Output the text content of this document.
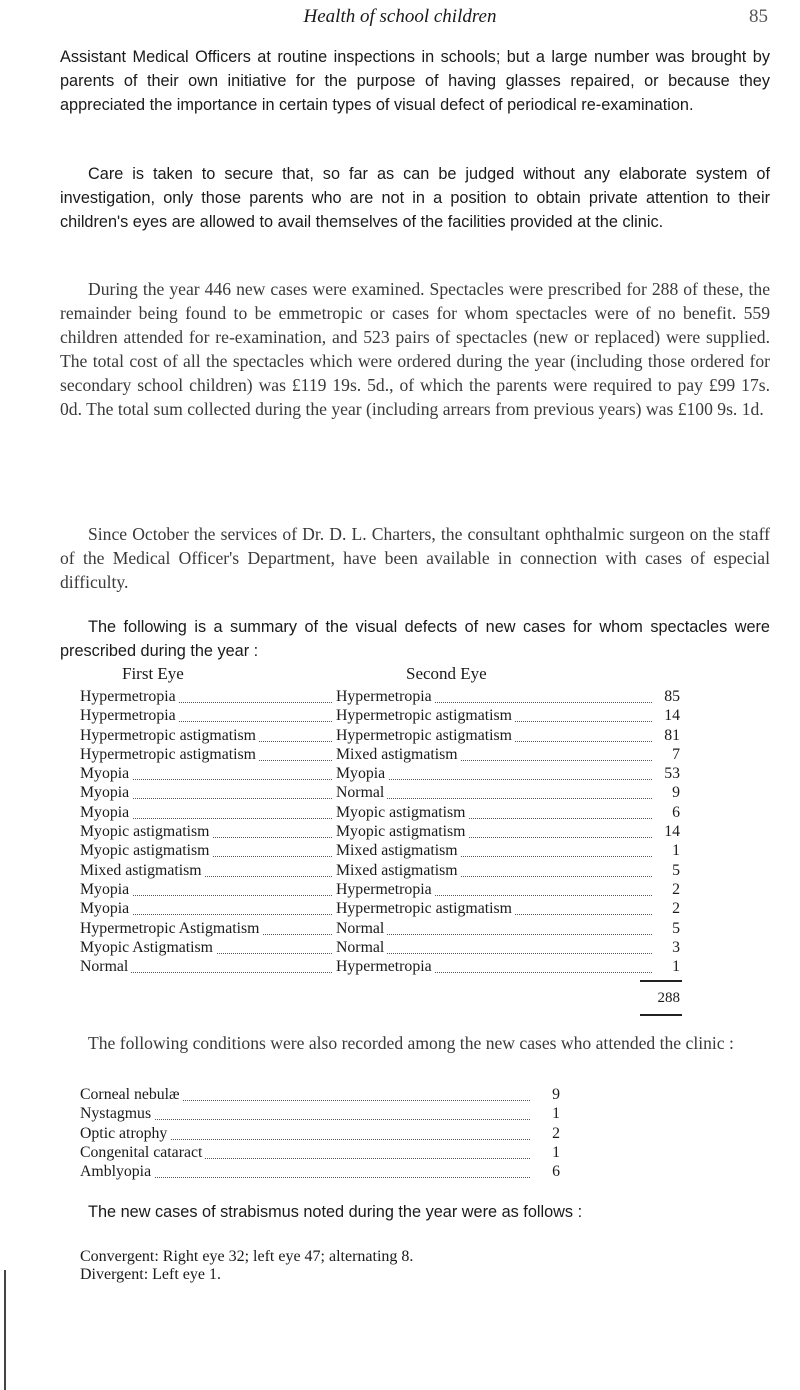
Health of school children	85

Assistant Medical Officers at routine inspections in schools; but a large number was brought by parents of their own initiative for the purpose of having glasses repaired, or because they appreciated the importance in certain types of visual defect of periodical re-examination.

Care is taken to secure that, so far as can be judged without any elaborate system of investigation, only those parents who are not in a position to obtain private attention to their children's eyes are allowed to avail themselves of the facilities provided at the clinic.

During the year 446 new cases were examined. Spectacles were prescribed for 288 of these, the remainder being found to be emmetropic or cases for whom spectacles were of no benefit. 559 children attended for re-examination, and 523 pairs of spectacles (new or replaced) were supplied. The total cost of all the spectacles which were ordered during the year (including those ordered for secondary school children) was £119 19s. 5d., of which the parents were required to pay £99 17s. 0d. The total sum collected during the year (including arrears from previous years) was £100 9s. 1d.

Since October the services of Dr. D. L. Charters, the consultant ophthalmic surgeon on the staff of the Medical Officer's Department, have been available in connection with cases of especial difficulty.

The following is a summary of the visual defects of new cases for whom spectacles were prescribed during the year :

First Eye	Second Eye
Hypermetropia	Hypermetropia	85
Hypermetropia	Hypermetropic astigmatism	14
Hypermetropic astigmatism	Hypermetropic astigmatism	81
Hypermetropic astigmatism	Mixed astigmatism	7
Myopia	Myopia	53
Myopia	Normal	9
Myopia	Myopic astigmatism	6
Myopic astigmatism	Myopic astigmatism	14
Myopic astigmatism	Mixed astigmatism	1
Mixed astigmatism	Mixed astigmatism	5
Myopia	Hypermetropia	2
Myopia	Hypermetropic astigmatism	2
Hypermetropic Astigmatism	Normal	5
Myopic Astigmatism	Normal	3
Normal	Hypermetropia	1
288

The following conditions were also recorded among the new cases who attended the clinic :

Corneal nebulæ	9
Nystagmus	1
Optic atrophy	2
Congenital cataract	1
Amblyopia	6

The new cases of strabismus noted during the year were as follows :

Convergent: Right eye 32; left eye 47; alternating 8.
Divergent: Left eye 1.
